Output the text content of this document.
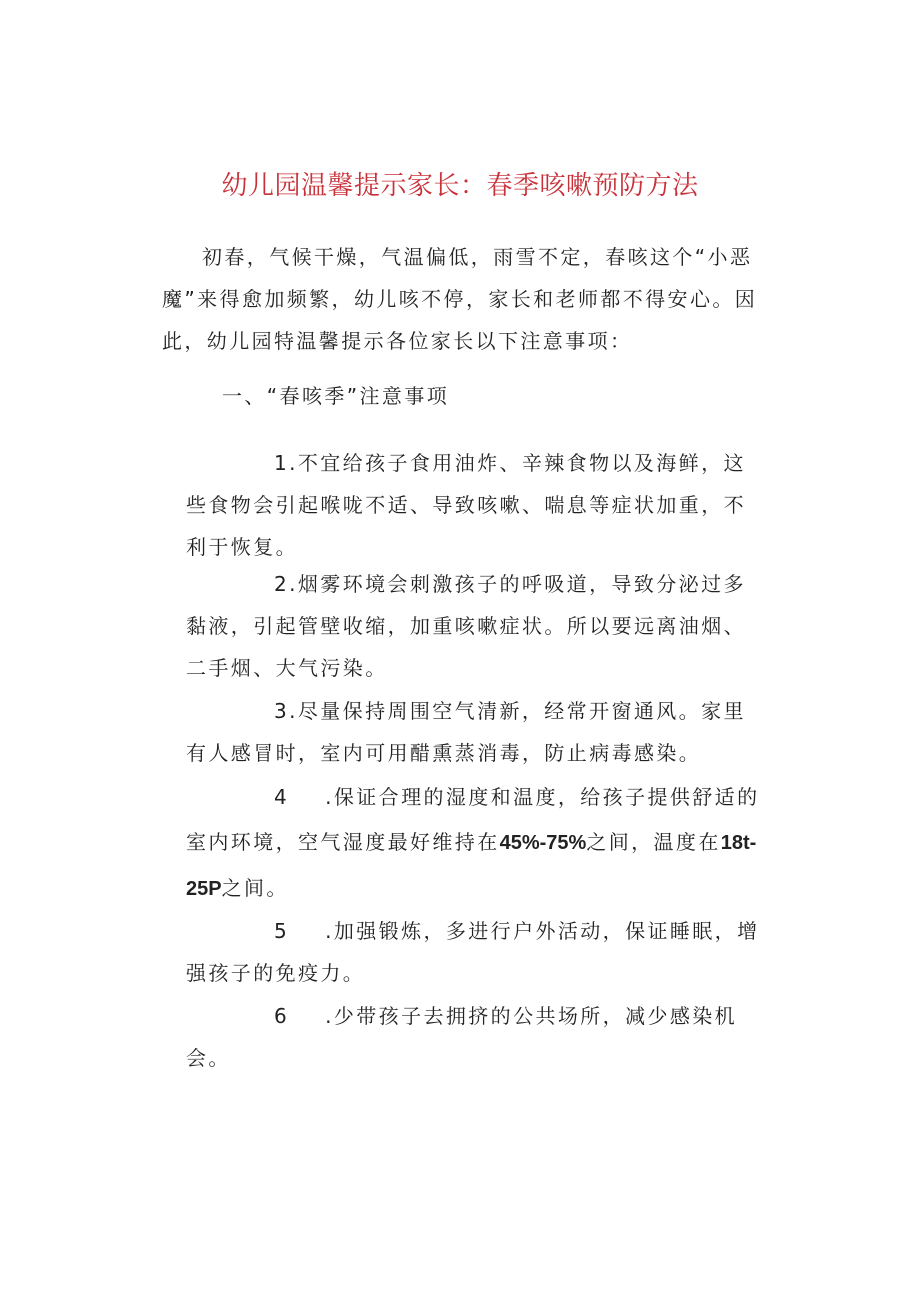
幼儿园温馨提示家长：春季咳嗽预防方法

初春，气候干燥，气温偏低，雨雪不定，春咳这个“小恶魔”来得愈加频繁，幼儿咳不停，家长和老师都不得安心。因此，幼儿园特温馨提示各位家长以下注意事项：

一、“春咳季”注意事项

1.不宜给孩子食用油炸、辛辣食物以及海鲜，这些食物会引起喉咙不适、导致咳嗽、喘息等症状加重，不利于恢复。

2.烟雾环境会刺激孩子的呼吸道，导致分泌过多黏液，引起管壁收缩，加重咳嗽症状。所以要远离油烟、二手烟、大气污染。

3.尽量保持周围空气清新，经常开窗通风。家里有人感冒时，室内可用醋熏蒸消毒，防止病毒感染。

4 .保证合理的湿度和温度，给孩子提供舒适的室内环境，空气湿度最好维持在45%-75%之间，温度在18t-25P之间。

5 .加强锻炼，多进行户外活动，保证睡眠，增强孩子的免疫力。

6 .少带孩子去拥挤的公共场所，减少感染机会。
